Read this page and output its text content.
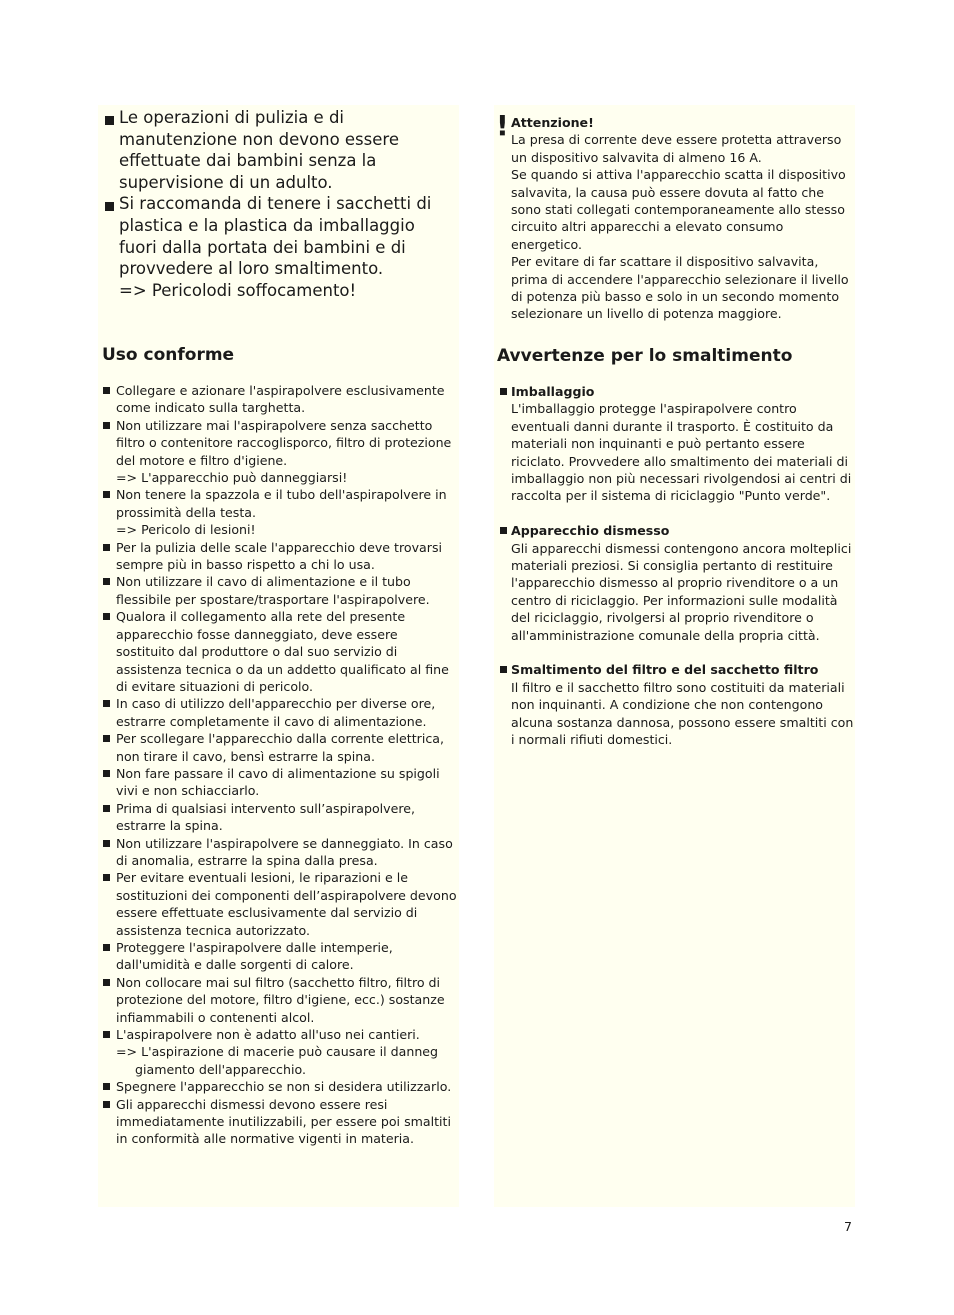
Le operazioni di pulizia e di manutenzione non devono essere effettuate dai bambini senza la supervisione di un adulto.
Si raccomanda di tenere i sacchetti di plastica e la plastica da imballaggio fuori dalla portata dei bambini e di provvedere al loro smaltimento.
=> Pericolodi soffocamento!
Uso conforme
Collegare e azionare l'aspirapolvere esclusivamente come indicato sulla targhetta.
Non utilizzare mai l'aspirapolvere senza sacchetto filtro o contenitore raccoglisporco, filtro di protezione del motore e filtro d'igiene.
=> L'apparecchio può danneggiarsi!
Non tenere la spazzola e il tubo dell'aspirapolvere in prossimità della testa.
=> Pericolo di lesioni!
Per la pulizia delle scale l'apparecchio deve trovarsi sempre più in basso rispetto a chi lo usa.
Non utilizzare il cavo di alimentazione e il tubo flessibile per spostare/trasportare l'aspirapolvere.
Qualora il collegamento alla rete del presente apparecchio fosse danneggiato, deve essere sostituito dal produttore o dal suo servizio di assistenza tecnica o da un addetto qualificato al fine di evitare situazioni di pericolo.
In caso di utilizzo dell'apparecchio per diverse ore, estrarre completamente il cavo di alimentazione.
Per scollegare l'apparecchio dalla corrente elettrica, non tirare il cavo, bensì estrarre la spina.
Non fare passare il cavo di alimentazione su spigoli vivi e non schiacciarlo.
Prima di qualsiasi intervento sull’aspirapolvere, estrarre la spina.
Non utilizzare l'aspirapolvere se danneggiato. In caso di anomalia, estrarre la spina dalla presa.
Per evitare eventuali lesioni, le riparazioni e le sostituzioni dei componenti dell’aspirapolvere devono essere effettuate esclusivamente dal servizio di assistenza tecnica autorizzato.
Proteggere l'aspirapolvere dalle intemperie, dall'umidità e dalle sorgenti di calore.
Non collocare mai sul filtro (sacchetto filtro, filtro di protezione del motore, filtro d'igiene, ecc.) sostanze infiammabili o contenenti alcol.
L'aspirapolvere non è adatto all'uso nei cantieri.
=> L'aspirazione di macerie può causare il danneg
giamento dell'apparecchio.
Spegnere l'apparecchio se non si desidera utilizzarlo.
Gli apparecchi dismessi devono essere resi immediatamente inutilizzabili, per essere poi smaltiti in conformità alle normative vigenti in materia.
! Attenzione!
La presa di corrente deve essere protetta attraverso un dispositivo salvavita di almeno 16 A.
Se quando si attiva l'apparecchio scatta il dispositivo salvavita, la causa può essere dovuta al fatto che sono stati collegati contemporaneamente allo stesso circuito altri apparecchi a elevato consumo energetico.
Per evitare di far scattare il dispositivo salvavita, prima di accendere l'apparecchio selezionare il livello di potenza più basso e solo in un secondo momento selezionare un livello di potenza maggiore.
Avvertenze per lo smaltimento
Imballaggio
L'imballaggio protegge l'aspirapolvere contro eventuali danni durante il trasporto. È costituito da materiali non inquinanti e può pertanto essere riciclato. Provvedere allo smaltimento dei materiali di imballaggio non più necessari rivolgendosi ai centri di raccolta per il sistema di riciclaggio "Punto verde".
Apparecchio dismesso
Gli apparecchi dismessi contengono ancora molteplici materiali preziosi. Si consiglia pertanto di restituire l'apparecchio dismesso al proprio rivenditore o a un centro di riciclaggio. Per informazioni sulle modalità del riciclaggio, rivolgersi al proprio rivenditore o all'amministrazione comunale della propria città.
Smaltimento del filtro e del sacchetto filtro
Il filtro e il sacchetto filtro sono costituiti da materiali non inquinanti. A condizione che non contengono alcuna sostanza dannosa, possono essere smaltiti con i normali rifiuti domestici.
7
